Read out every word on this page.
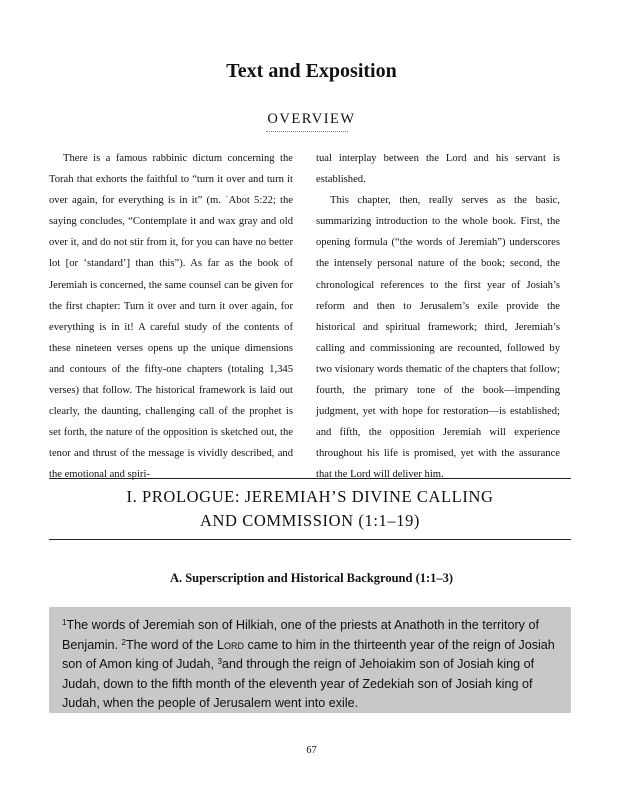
Text and Exposition
OVERVIEW

There is a famous rabbinic dictum concerning the Torah that exhorts the faithful to “turn it over and turn it over again, for everything is in it” (m. ʾAbot 5:22; the saying concludes, “Contemplate it and wax gray and old over it, and do not stir from it, for you can have no better lot [or ‘standard’] than this”). As far as the book of Jeremiah is concerned, the same counsel can be given for the first chapter: Turn it over and turn it over again, for everything is in it! A careful study of the contents of these nineteen verses opens up the unique dimensions and contours of the fifty-one chapters (totaling 1,345 verses) that follow. The historical framework is laid out clearly, the daunting, challenging call of the prophet is set forth, the nature of the opposition is sketched out, the tenor and thrust of the message is vividly described, and the emotional and spiri-

tual interplay between the Lord and his servant is established.

This chapter, then, really serves as the basic, summarizing introduction to the whole book. First, the opening formula (“the words of Jeremiah”) underscores the intensely personal nature of the book; second, the chronological references to the first year of Josiah’s reform and then to Jerusalem’s exile provide the historical and spiritual framework; third, Jeremiah’s calling and commissioning are recounted, followed by two visionary words thematic of the chapters that follow; fourth, the primary tone of the book—impending judgment, yet with hope for restoration—is established; and fifth, the opposition Jeremiah will experience throughout his life is promised, yet with the assurance that the Lord will deliver him.

I. PROLOGUE: JEREMIAH’S DIVINE CALLING
AND COMMISSION (1:1–19)
A. Superscription and Historical Background (1:1–3)
$^1$The words of Jeremiah son of Hilkiah, one of the priests at Anathoth in the territory of Benjamin. $^2$The word of the Lord came to him in the thirteenth year of the reign of Josiah son of Amon king of Judah, $^3$and through the reign of Jehoiakim son of Josiah king of Judah, down to the fifth month of the eleventh year of Zedekiah son of Josiah king of Judah, when the people of Jerusalem went into exile.
67
